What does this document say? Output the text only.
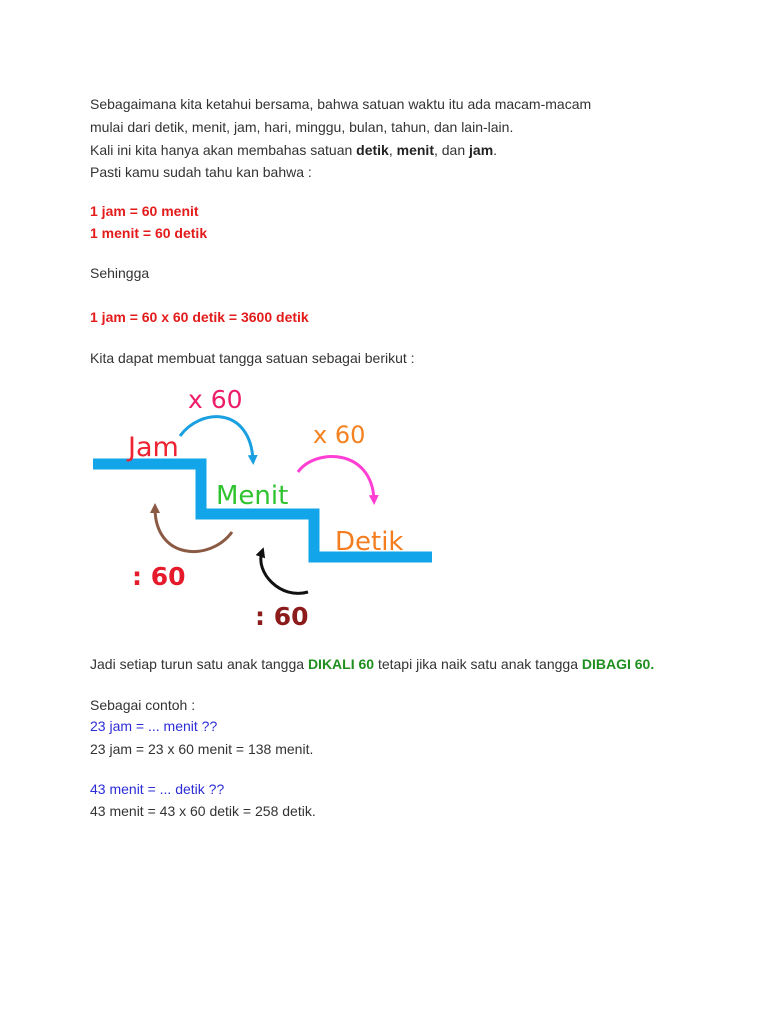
Sebagaimana kita ketahui bersama, bahwa satuan waktu itu ada macam-macam
mulai dari detik, menit, jam, hari, minggu, bulan, tahun, dan lain-lain.
Kali ini kita hanya akan membahas satuan detik, menit, dan jam.
Pasti kamu sudah tahu kan bahwa :
1 jam = 60 menit
1 menit = 60 detik
Sehingga
1 jam = 60 x 60 detik = 3600 detik
Kita dapat membuat tangga satuan sebagai berikut :
Jam
Menit
Detik
x 60
x 60
: 60
: 60
Jadi setiap turun satu anak tangga DIKALI 60 tetapi jika naik satu anak tangga DIBAGI 60.
Sebagai contoh :
23 jam = ... menit ??
23 jam = 23 x 60 menit = 138 menit.
43 menit = ... detik ??
43 menit = 43 x 60 detik = 258 detik.
